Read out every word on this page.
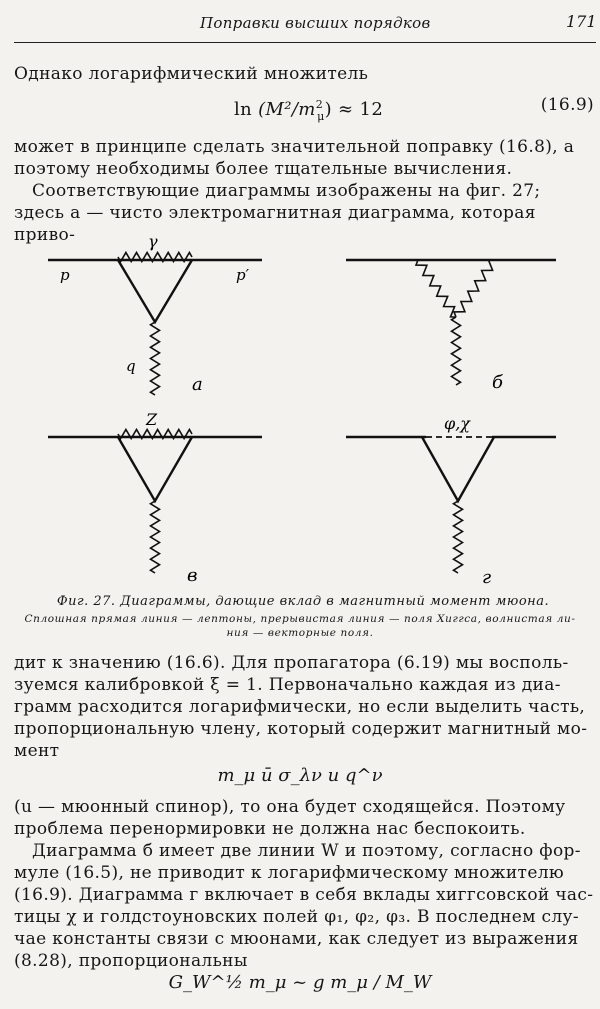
Поправки высших порядков	171
Однако логарифмический множитель
$\ln (M^2/m^2_\mu) \approx 12$	(16.9)
может в принципе сделать значительной поправку (16.8), а
поэтому необходимы более тщательные вычисления.
Соответствующие диаграммы изображены на фиг. 27;
здесь a — чисто электромагнитная диаграмма, которая приво-	γ
p	p′
q
а	б
Z
в
φ,χ
г
Фиг. 27. Диаграммы, дающие вклад в магнитный момент мюона.
Сплошная прямая линия — лептоны, прерывистая линия — поля Хиггса, волнистая ли-
ния — векторные поля.
дит к значению (16.6). Для пропагатора (6.19) мы восполь-
зуемся калибровкой ξ = 1. Первоначально каждая из диа-
грамм расходится логарифмически, но если выделить часть,
пропорциональную члену, который содержит магнитный мо-
мент
m_μ ū σ_λν u q^ν
(u — мюонный спинор), то она будет сходящейся. Поэтому
проблема перенормировки не должна нас беспокоить.
Диаграмма б имеет две линии W и поэтому, согласно фор-
муле (16.5), не приводит к логарифмическому множителю
(16.9). Диаграмма г включает в себя вклады хиггсовской час-
тицы χ и голдстоуновских полей φ₁, φ₂, φ₃. В последнем слу-
чае константы связи с мюонами, как следует из выражения
(8.28), пропорциональны
G_W^½ m_μ ~ g m_μ / M_W
